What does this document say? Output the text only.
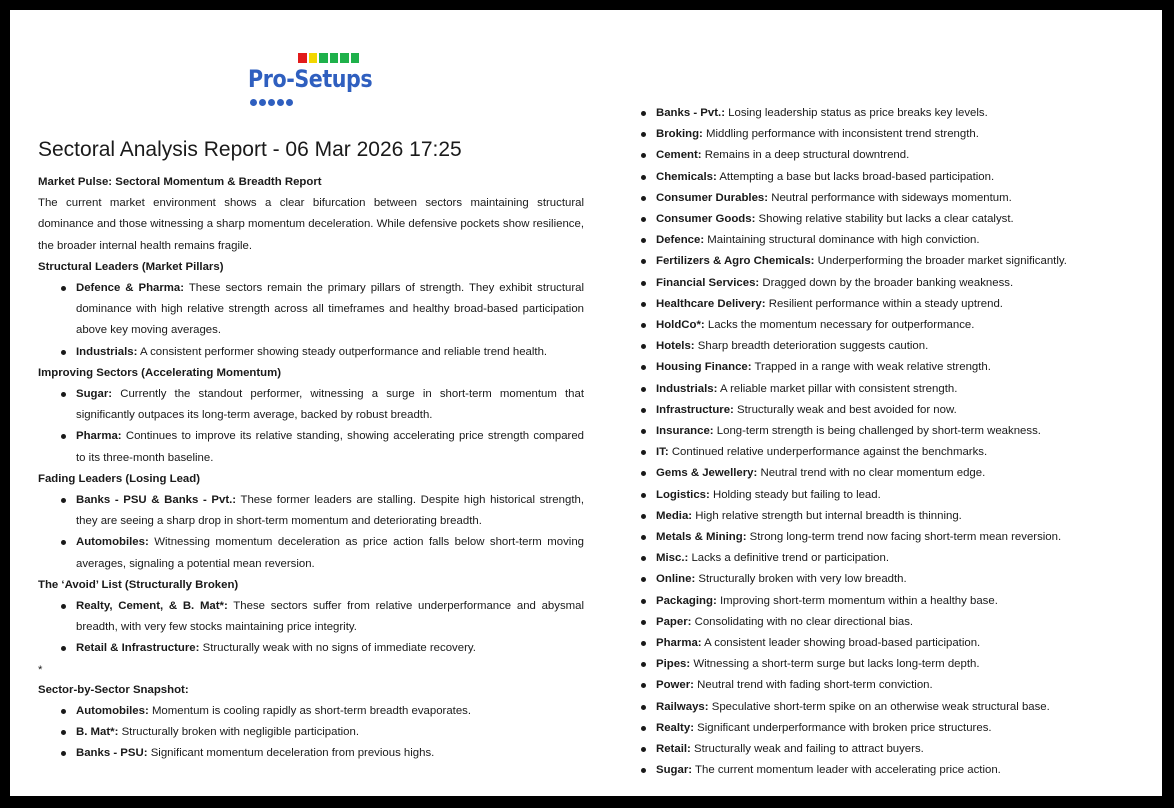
Pro-Setups
Sectoral Analysis Report - 06 Mar 2026 17:25
Market Pulse: Sectoral Momentum & Breadth Report

The current market environment shows a clear bifurcation between sectors maintaining structural dominance and those witnessing a sharp momentum deceleration. While defensive pockets show resilience, the broader internal health remains fragile.

Structural Leaders (Market Pillars)
Defence & Pharma: These sectors remain the primary pillars of strength. They exhibit structural dominance with high relative strength across all timeframes and healthy broad-based participation above key moving averages.
Industrials: A consistent performer showing steady outperformance and reliable trend health.
Improving Sectors (Accelerating Momentum)
Sugar: Currently the standout performer, witnessing a surge in short-term momentum that significantly outpaces its long-term average, backed by robust breadth.
Pharma: Continues to improve its relative standing, showing accelerating price strength compared to its three-month baseline.
Fading Leaders (Losing Lead)
Banks - PSU & Banks - Pvt.: These former leaders are stalling. Despite high historical strength, they are seeing a sharp drop in short-term momentum and deteriorating breadth.
Automobiles: Witnessing momentum deceleration as price action falls below short-term moving averages, signaling a potential mean reversion.
The ‘Avoid’ List (Structurally Broken)
Realty, Cement, & B. Mat*: These sectors suffer from relative underperformance and abysmal breadth, with very few stocks maintaining price integrity.
Retail & Infrastructure: Structurally weak with no signs of immediate recovery.
*
Sector-by-Sector Snapshot:
Automobiles: Momentum is cooling rapidly as short-term breadth evaporates.
B. Mat*: Structurally broken with negligible participation.
Banks - PSU: Significant momentum deceleration from previous highs.
Banks - Pvt.: Losing leadership status as price breaks key levels.
Broking: Middling performance with inconsistent trend strength.
Cement: Remains in a deep structural downtrend.
Chemicals: Attempting a base but lacks broad-based participation.
Consumer Durables: Neutral performance with sideways momentum.
Consumer Goods: Showing relative stability but lacks a clear catalyst.
Defence: Maintaining structural dominance with high conviction.
Fertilizers & Agro Chemicals: Underperforming the broader market significantly.
Financial Services: Dragged down by the broader banking weakness.
Healthcare Delivery: Resilient performance within a steady uptrend.
HoldCo*: Lacks the momentum necessary for outperformance.
Hotels: Sharp breadth deterioration suggests caution.
Housing Finance: Trapped in a range with weak relative strength.
Industrials: A reliable market pillar with consistent strength.
Infrastructure: Structurally weak and best avoided for now.
Insurance: Long-term strength is being challenged by short-term weakness.
IT: Continued relative underperformance against the benchmarks.
Gems & Jewellery: Neutral trend with no clear momentum edge.
Logistics: Holding steady but failing to lead.
Media: High relative strength but internal breadth is thinning.
Metals & Mining: Strong long-term trend now facing short-term mean reversion.
Misc.: Lacks a definitive trend or participation.
Online: Structurally broken with very low breadth.
Packaging: Improving short-term momentum within a healthy base.
Paper: Consolidating with no clear directional bias.
Pharma: A consistent leader showing broad-based participation.
Pipes: Witnessing a short-term surge but lacks long-term depth.
Power: Neutral trend with fading short-term conviction.
Railways: Speculative short-term spike on an otherwise weak structural base.
Realty: Significant underperformance with broken price structures.
Retail: Structurally weak and failing to attract buyers.
Sugar: The current momentum leader with accelerating price action.
